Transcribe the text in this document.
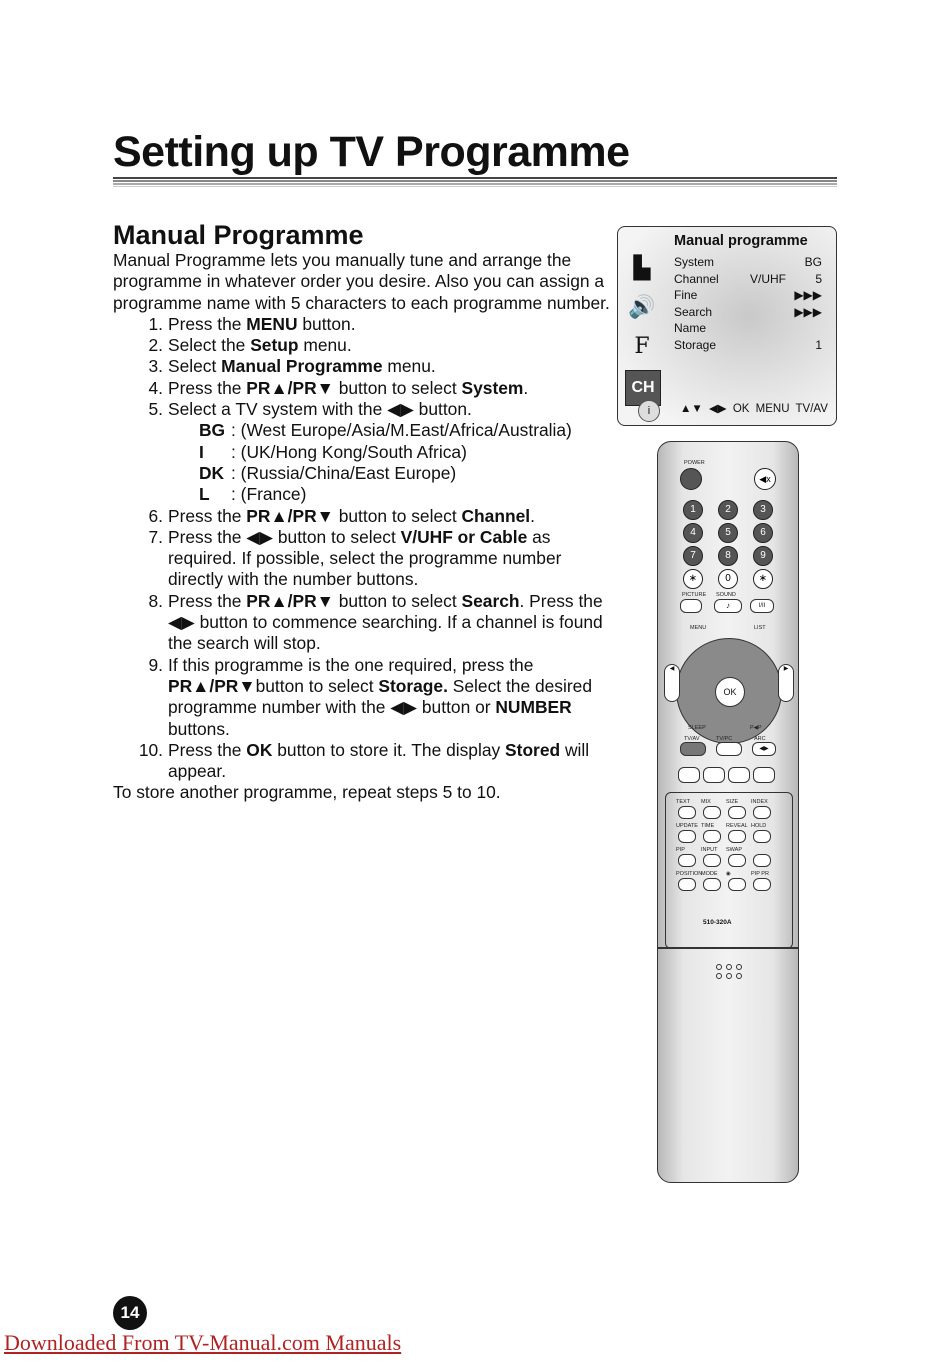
Setting up TV Programme
Manual Programme

Manual Programme lets you manually tune and arrange the programme in whatever order you desire. Also you can assign a programme name with 5 characters to each programme number.

1. Press the MENU button.
2. Select the Setup menu.
3. Select Manual Programme menu.
4. Press the PR▲/PR▼ button to select System.
5. Select a TV system with the ◀▶ button.
BG : (West Europe/Asia/M.East/Africa/Australia)
I : (UK/Hong Kong/South Africa)
DK : (Russia/China/East Europe)
L : (France)
6. Press the PR▲/PR▼ button to select Channel.
7. Press the ◀▶ button to select V/UHF or Cable as required. If possible, select the programme number directly with the number buttons.
8. Press the PR▲/PR▼ button to select Search. Press the ◀▶ button to commence searching. If a channel is found the search will stop.
9. If this programme is the one required, press the PR▲/PR▼button to select Storage. Select the desired programme number with the ◀▶ button or NUMBER buttons.
10. Press the OK button to store it. The display Stored will appear.

To store another programme, repeat steps 5 to 10.

▙
🔊
F
CH
Manual programme
System	BG
Channel	V/UHF 5
Fine	▶▶▶
Search	▶▶▶
Name
Storage	1
i	▲▼ ◀▶ OK MENU TV/AV
POWER
◀x
1	2	3
4	5	6
7	8	9
∗	0	∗
PICTURE SOUND
♪	I/II
MENU	LIST
OK
◀	▶
SLEEP	P◀P
TV/AV	TV/PC	ARC
◀▶
TEXT MIX	SIZE INDEX
UPDATE TIME REVEAL HOLD
PIP	INPUT SWAP
POSITION
MODE ◉	PIP PR
510-320A
14
Downloaded From TV-Manual.com Manuals
